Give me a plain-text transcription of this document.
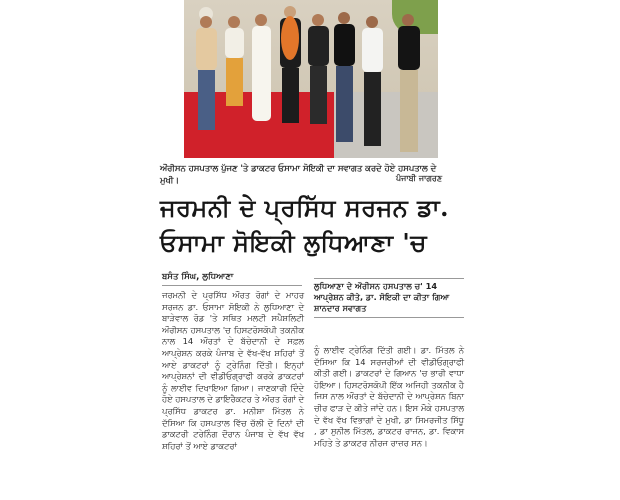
ਔਰੀਸਨ ਹਸਪਤਾਲ ਪੁੱਜਣ 'ਤੇ ਡਾਕਟਰ ਓਸਾਮਾ ਸੋਇਕੀ ਦਾ ਸਵਾਗਤ ਕਰਦੇ ਹੋਏ ਹਸਪਤਾਲ ਦੇ ਮੁਖੀ।	ਪੰਜਾਬੀ ਜਾਗਰਣ
ਜਰਮਨੀ ਦੇ ਪ੍ਰਸਿੱਧ ਸਰਜਨ ਡਾ. ਓਸਾਮਾ ਸੋਇਕੀ ਲੁਧਿਆਣਾ 'ਚ
ਬਸੰਤ ਸਿੰਘ, ਲੁਧਿਆਣਾ
ਜਰਮਨੀ ਦੇ ਪ੍ਰਸਿੱਧ ਔਰਤ ਰੋਗਾਂ ਦੇ ਮਾਹਰ ਸਰਜਨ ਡਾ. ਓਸਾਮਾ ਸੋਇਕੀ ਨੇ ਲੁਧਿਆਣਾ ਦੇ ਬਾੜੇਵਾਲ ਰੋਡ 'ਤੇ ਸਥਿਤ ਮਲਟੀ ਸਪੈਸ਼ਲਿਟੀ ਔਰੀਸਨ ਹਸਪਤਾਲ 'ਚ ਹਿਸਟਰੋਸਕੋਪੀ ਤਕਨੀਕ ਨਾਲ 14 ਔਰਤਾਂ ਦੇ ਬੱਚੇਦਾਨੀ ਦੇ ਸਫ਼ਲ ਆਪ੍ਰੇਸ਼ਨ ਕਰਕੇ ਪੰਜਾਬ ਦੇ ਵੱਖ-ਵੱਖ ਸ਼ਹਿਰਾਂ ਤੋਂ ਆਏ ਡਾਕਟਰਾਂ ਨੂੰ ਟ੍ਰੇਨਿੰਗ ਦਿੱਤੀ। ਇਨ੍ਹਾਂ ਆਪ੍ਰੇਸ਼ਨਾਂ ਦੀ ਵੀਡੀਓਗ੍ਰਾਫੀ ਕਰਕੇ ਡਾਕਟਰਾਂ ਨੂੰ ਲਾਈਵ ਦਿਖਾਇਆ ਗਿਆ। ਜਾਣਕਾਰੀ ਦਿੰਦੇ ਹੋਏ ਹਸਪਤਾਲ ਦੇ ਡਾਇਰੈਕਟਰ ਤੇ ਔਰਤ ਰੋਗਾਂ ਦੇ ਪ੍ਰਸਿੱਧ ਡਾਕਟਰ ਡਾ. ਮਨੀਸ਼ਾ ਮਿੱਤਲ ਨੇ ਦੱਸਿਆ ਕਿ ਹਸਪਤਾਲ ਵਿੱਚ ਚੱਲੀ ਦੋ ਦਿਨਾਂ ਦੀ ਡਾਕਟਰੀ ਟਰੇਨਿੰਗ ਦੌਰਾਨ ਪੰਜਾਬ ਦੇ ਵੱਖ ਵੱਖ ਸ਼ਹਿਰਾਂ ਤੋਂ ਆਏ ਡਾਕਟਰਾਂ
ਲੁਧਿਆਣਾ ਦੇ ਔਰੀਸਨ ਹਸਪਤਾਲ ਚ' 14 ਆਪ੍ਰੇਸ਼ਨ ਕੀਤੇ, ਡਾ. ਸੋਇਕੀ ਦਾ ਕੀਤਾ ਗਿਆ ਸ਼ਾਨਦਾਰ ਸਵਾਗਤ
ਨੂੰ ਲਾਈਵ ਟ੍ਰੇਨਿੰਗ ਦਿੱਤੀ ਗਈ। ਡਾ. ਮਿੱਤਲ ਨੇ ਦੱਸਿਆ ਕਿ 14 ਸਰਜਰੀਆਂ ਦੀ ਵੀਡੀਓਗ੍ਰਾਫੀ ਕੀਤੀ ਗਈ। ਡਾਕਟਰਾਂ ਦੇ ਗਿਆਨ 'ਚ ਭਾਰੀ ਵਾਧਾ ਹੋਇਆ। ਹਿਸਟਰੋਸਕੋਪੀ ਇੱਕ ਅਜਿਹੀ ਤਕਨੀਕ ਹੈ ਜਿਸ ਨਾਲ ਔਰਤਾਂ ਦੇ ਬੱਚੇਦਾਨੀ ਦੇ ਆਪ੍ਰੇਸ਼ਨ ਬਿਨਾ ਚੀਰ ਫਾੜ ਦੇ ਕੀਤੇ ਜਾਂਦੇ ਹਨ। ਇਸ ਮੌਕੇ ਹਸਪਤਾਲ ਦੇ ਵੱਖ ਵੱਖ ਵਿਭਾਗਾਂ ਦੇ ਮੁਖੀ, ਡਾ ਸਿਮਰਜੀਤ ਸਿੱਧੂ , ਡਾ ਸੁਨੀਲ ਮਿੱਤਲ, ਡਾਕਟਰ ਰਾਜਨ, ਡਾ. ਵਿਕਾਸ ਮਹਿਤੇ ਤੇ ਡਾਕਟਰ ਨੀਰਜ ਰਾਜ਼ਰ ਸਨ।
